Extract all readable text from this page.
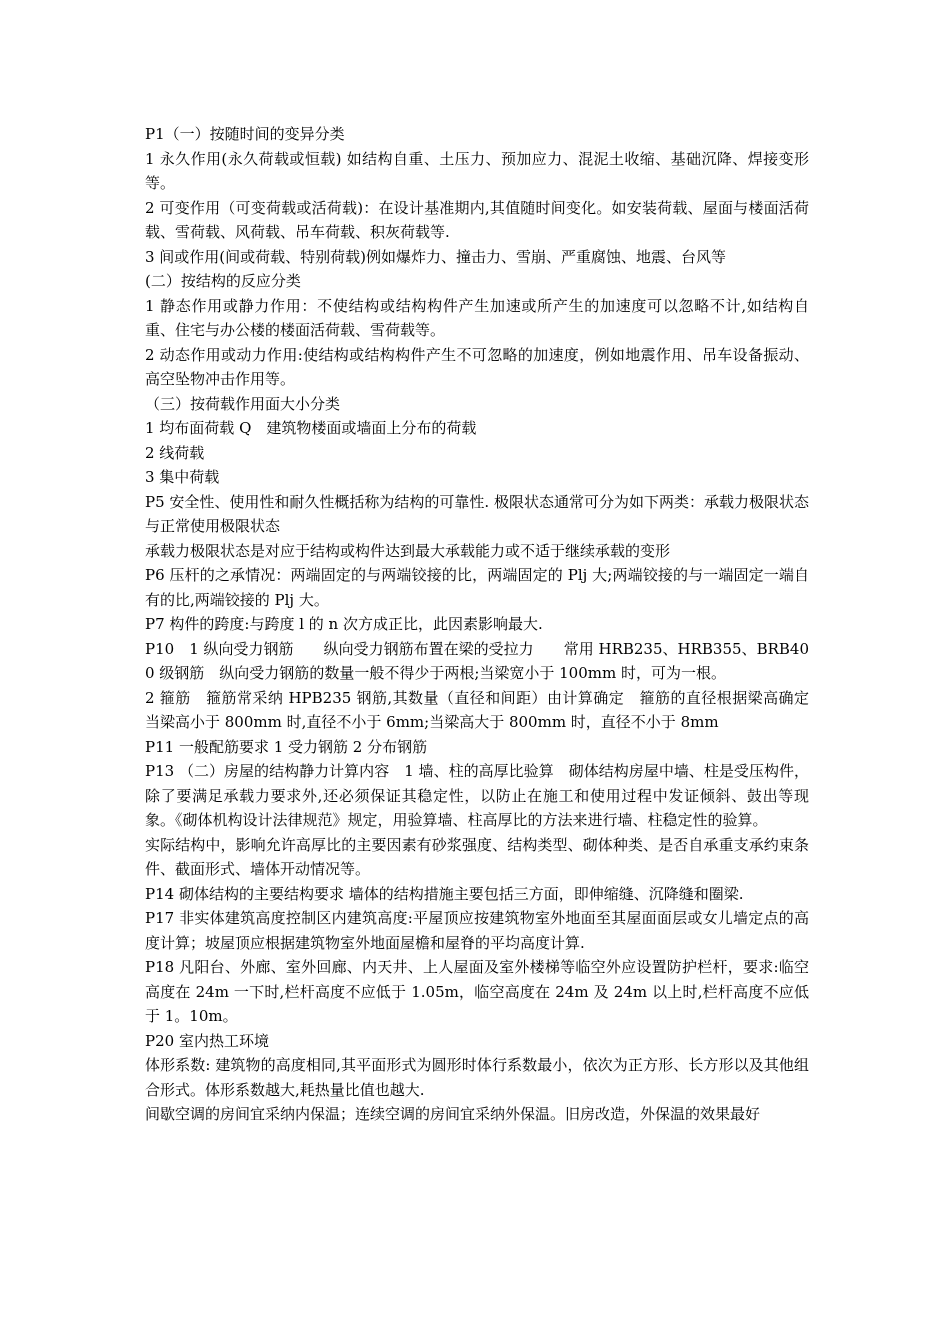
P1（一）按随时间的变异分类

1 永久作用(永久荷载或恒载) 如结构自重、土压力、预加应力、混泥土收缩、基础沉降、焊接变形等。

2 可变作用（可变荷载或活荷载)：在设计基准期内,其值随时间变化。如安装荷载、屋面与楼面活荷载、雪荷载、风荷载、吊车荷载、积灰荷载等.

3 间或作用(间或荷载、特别荷载)例如爆炸力、撞击力、雪崩、严重腐蚀、地震、台风等

(二）按结构的反应分类

1 静态作用或静力作用：不使结构或结构构件产生加速或所产生的加速度可以忽略不计,如结构自重、住宅与办公楼的楼面活荷载、雪荷载等。

2 动态作用或动力作用:使结构或结构构件产生不可忽略的加速度，例如地震作用、吊车设备振动、高空坠物冲击作用等。

（三）按荷载作用面大小分类

1 均布面荷载 Q　建筑物楼面或墙面上分布的荷载

2 线荷载

3 集中荷载

P5 安全性、使用性和耐久性概括称为结构的可靠性. 极限状态通常可分为如下两类：承载力极限状态与正常使用极限状态

承载力极限状态是对应于结构或构件达到最大承载能力或不适于继续承载的变形

P6 压杆的之承情况：两端固定的与两端铰接的比，两端固定的 Plj 大;两端铰接的与一端固定一端自有的比,两端铰接的 Plj 大。

P7 构件的跨度:与跨度 l 的 n 次方成正比，此因素影响最大.

P10　1 纵向受力钢筋　　纵向受力钢筋布置在梁的受拉力　　常用 HRB235、HRB355、BRB400 级钢筋　纵向受力钢筋的数量一般不得少于两根;当梁宽小于 100mm 时，可为一根。

2 箍筋　箍筋常采纳 HPB235 钢筋,其数量（直径和间距）由计算确定　箍筋的直径根据梁高确定　当梁高小于 800mm 时,直径不小于 6mm;当梁高大于 800mm 时，直径不小于 8mm

P11 一般配筋要求 1 受力钢筋 2 分布钢筋

P13 （二）房屋的结构静力计算内容　1 墙、柱的高厚比验算　砌体结构房屋中墙、柱是受压构件，除了要满足承载力要求外,还必须保证其稳定性，以防止在施工和使用过程中发证倾斜、鼓出等现象。《砌体机构设计法律规范》规定，用验算墙、柱高厚比的方法来进行墙、柱稳定性的验算。

实际结构中，影响允许高厚比的主要因素有砂浆强度、结构类型、砌体种类、是否自承重支承约束条件、截面形式、墙体开动情况等。

P14 砌体结构的主要结构要求 墙体的结构措施主要包括三方面，即伸缩缝、沉降缝和圈梁.

P17 非实体建筑高度控制区内建筑高度:平屋顶应按建筑物室外地面至其屋面面层或女儿墙定点的高度计算；坡屋顶应根据建筑物室外地面屋檐和屋脊的平均高度计算.

P18 凡阳台、外廊、室外回廊、内天井、上人屋面及室外楼梯等临空外应设置防护栏杆，要求:临空高度在 24m 一下时,栏杆高度不应低于 1.05m，临空高度在 24m 及 24m 以上时,栏杆高度不应低于 1。10m。

P20 室内热工环境

体形系数: 建筑物的高度相同,其平面形式为圆形时体行系数最小，依次为正方形、长方形以及其他组合形式。体形系数越大,耗热量比值也越大.

间歇空调的房间宜采纳内保温；连续空调的房间宜采纳外保温。旧房改造，外保温的效果最好
